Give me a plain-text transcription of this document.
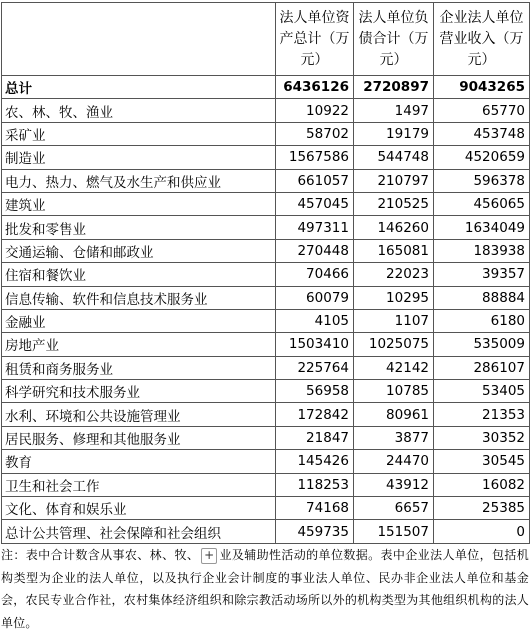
	法人单位资产总计（万元）	法人单位负债合计（万元）	企业法人单位营业收入（万元）
总计	6436126	2720897	9043265
农、林、牧、渔业	10922	1497	65770
采矿业	58702	19179	453748
制造业	1567586	544748	4520659
电力、热力、燃气及水生产和供应业	661057	210797	596378
建筑业	457045	210525	456065
批发和零售业	497311	146260	1634049
交通运输、仓储和邮政业	270448	165081	183938
住宿和餐饮业	70466	22023	39357
信息传输、软件和信息技术服务业	60079	10295	88884
金融业	4105	1107	6180
房地产业	1503410	1025075	535009
租赁和商务服务业	225764	42142	286107
科学研究和技术服务业	56958	10785	53405
水利、环境和公共设施管理业	172842	80961	21353
居民服务、修理和其他服务业	21847	3877	30352
教育	145426	24470	30545
卫生和社会工作	118253	43912	16082
文化、体育和娱乐业	74168	6657	25385
总计公共管理、社会保障和社会组织	459735	151507	0
注：表中合计数含从事农、林、牧、 + 业及辅助性活动的单位数据。表中企业法人单位，包括机构类型为企业的法人单位，以及执行企业会计制度的事业法人单位、民办非企业法人单位和基金会，农民专业合作社，农村集体经济组织和除宗教活动场所以外的机构类型为其他组织机构的法人单位。
